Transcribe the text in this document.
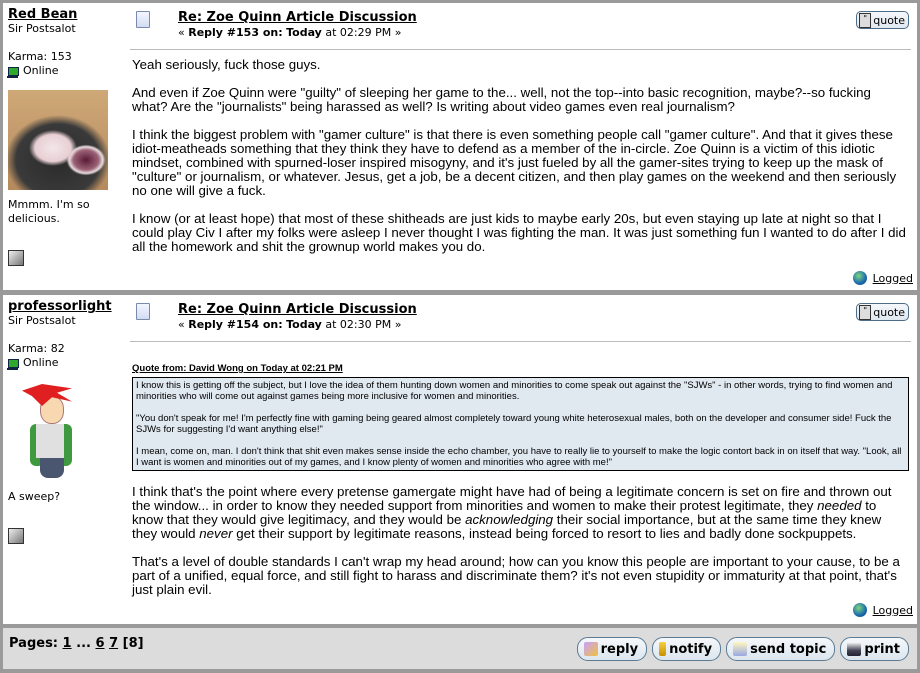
Red Bean
Sir Postsalot
Karma: 153
Online
Mmmm. I'm so delicious.
Re: Zoe Quinn Article Discussion
« Reply #153 on: Today at 02:29 PM »
" quote

Yeah seriously, fuck those guys.

And even if Zoe Quinn were "guilty" of sleeping her game to the... well, not the top--into basic recognition, maybe?--so fucking what? Are the "journalists" being harassed as well? Is writing about video games even real journalism?

I think the biggest problem with "gamer culture" is that there is even something people call "gamer culture". And that it gives these idiot-meatheads something that they think they have to defend as a member of the in-circle. Zoe Quinn is a victim of this idiotic mindset, combined with spurned-loser inspired misogyny, and it's just fueled by all the gamer-sites trying to keep up the mask of "culture" or journalism, or whatever. Jesus, get a job, be a decent citizen, and then play games on the weekend and then seriously no one will give a fuck.

I know (or at least hope) that most of these shitheads are just kids to maybe early 20s, but even staying up late at night so that I could play Civ I after my folks were asleep I never thought I was fighting the man. It was just something fun I wanted to do after I did all the homework and shit the grownup world makes you do.

Logged
professorlight
Sir Postsalot
Karma: 82
Online
A sweep?
Re: Zoe Quinn Article Discussion
« Reply #154 on: Today at 02:30 PM »
" quote
Quote from: David Wong on Today at 02:21 PM

I know this is getting off the subject, but I love the idea of them hunting down women and minorities to come speak out against the "SJWs" - in other words, trying to find women and minorities who will come out against games being more inclusive for women and minorities.

"You don't speak for me! I'm perfectly fine with gaming being geared almost completely toward young white heterosexual males, both on the developer and consumer side! Fuck the SJWs for suggesting I'd want anything else!"

I mean, come on, man. I don't think that shit even makes sense inside the echo chamber, you have to really lie to yourself to make the logic contort back in on itself that way. "Look, all I want is women and minorities out of my games, and I know plenty of women and minorities who agree with me!"

I think that's the point where every pretense gamergate might have had of being a legitimate concern is set on fire and thrown out the window... in order to know they needed support from minorities and women to make their protest legitimate, they needed to know that they would give legitimacy, and they would be acknowledging their social importance, but at the same time they knew they would never get their support by legitimate reasons, instead being forced to resort to lies and badly done sockpuppets.

That's a level of double standards I can't wrap my head around; how can you know this people are important to your cause, to be a part of a unified, equal force, and still fight to harass and discriminate them? it's not even stupidity or immaturity at that point, that's just plain evil.

Logged
Pages: 1 ... 6 7 [8]	reply notify	send topic	print
